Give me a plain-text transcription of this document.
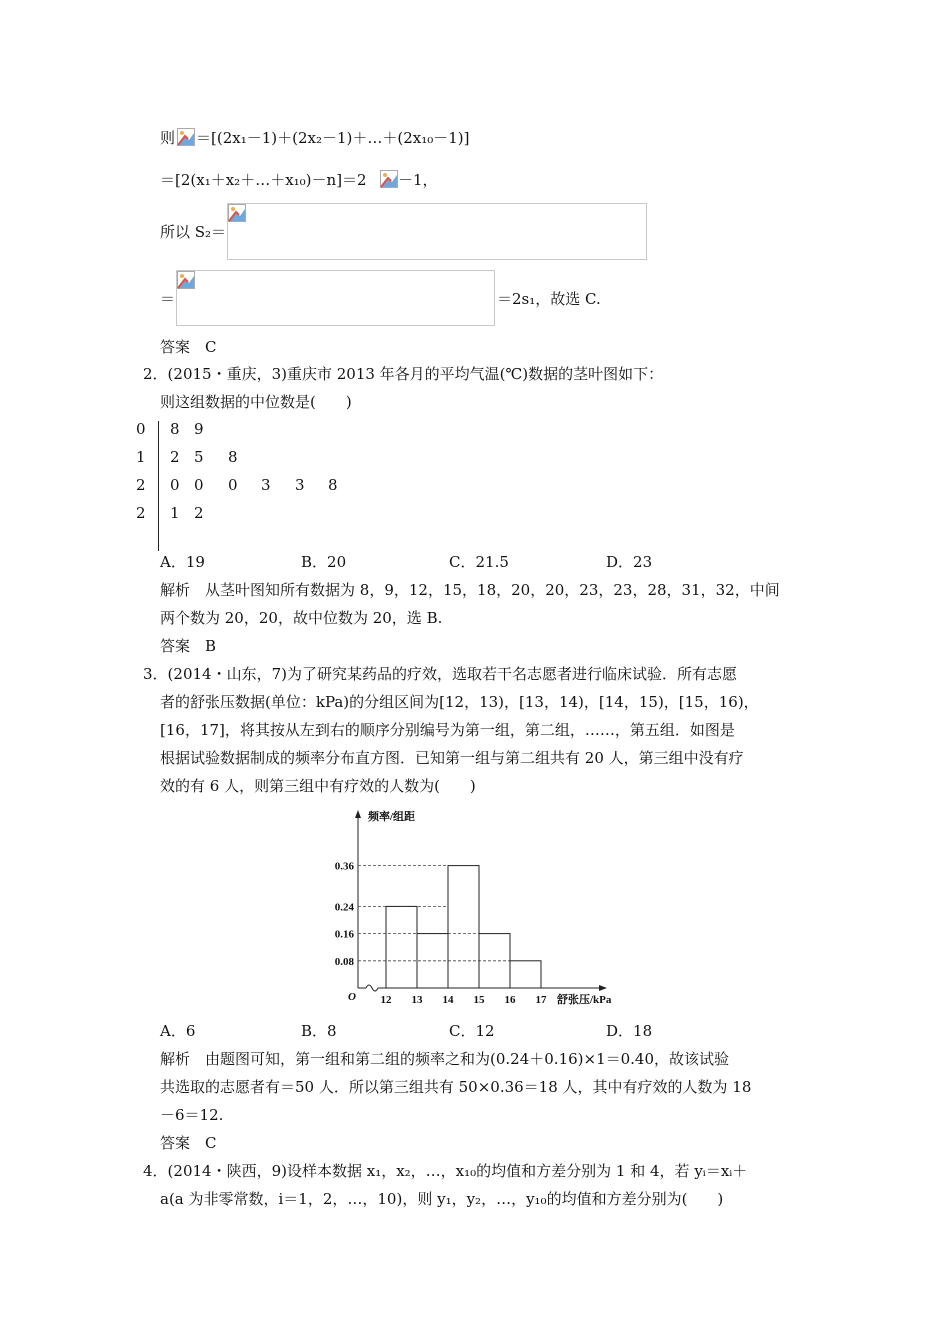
则 ＝[(2x₁－1)＋(2x₂－1)＋…＋(2x₁₀－1)]
＝[2(x₁＋x₂＋…＋x₁₀)－n]＝2 －1，
所以 S₂＝
＝	＝2s₁，故选 C.
答案　C
2．(2015・重庆，3)重庆市 2013 年各月的平均气温(℃)数据的茎叶图如下：
则这组数据的中位数是(　　)
0 8 9
1 2 5 8
2 0 0 0 3 3 8
2 1 2
A．19	B．20	C．21.5	D．23
解析　从茎叶图知所有数据为 8，9，12，15，18，20，20，23，23，28，31，32，中间
两个数为 20，20，故中位数为 20，选 B.
答案　B
3．(2014・山东，7)为了研究某药品的疗效，选取若干名志愿者进行临床试验．所有志愿
者的舒张压数据(单位：kPa)的分组区间为[12，13)，[13，14)，[14，15)，[15，16)，
[16，17]，将其按从左到右的顺序分别编号为第一组，第二组，……，第五组．如图是
根据试验数据制成的频率分布直方图．已知第一组与第二组共有 20 人，第三组中没有疗
效的有 6 人，则第三组中有疗效的人数为(　　)
0.08
0.16
0.24
0.36
12 13 14 15 16 17
O
频率/组距
舒张压/kPa
A．6	B．8	C．12	D．18
解析　由题图可知，第一组和第二组的频率之和为(0.24＋0.16)×1＝0.40，故该试验
共选取的志愿者有＝50 人．所以第三组共有 50×0.36＝18 人，其中有疗效的人数为 18
－6＝12.
答案　C
4．(2014・陕西，9)设样本数据 x₁，x₂，…，x₁₀的均值和方差分别为 1 和 4，若 yᵢ＝xᵢ＋
a(a 为非零常数，i＝1，2，…，10)，则 y₁，y₂，…，y₁₀的均值和方差分别为(　　)
